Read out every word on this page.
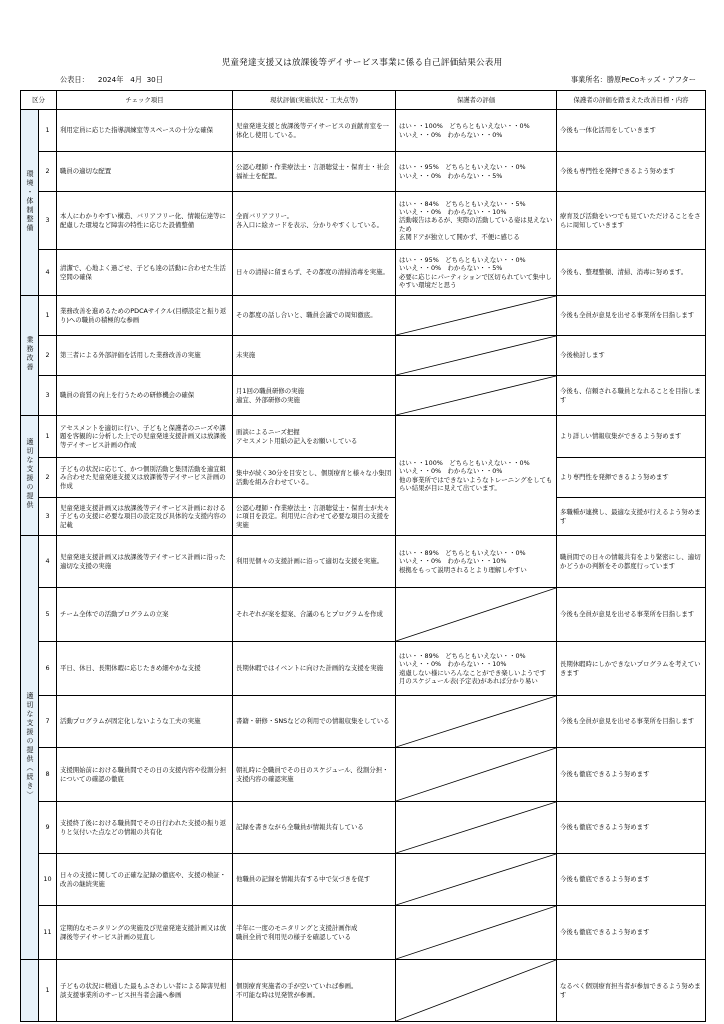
児童発達支援又は放課後等デイサービス事業に係る自己評価結果公表用
公表日： 2024年 4月 30日	事業所名：勝原PeCoキッズ・アフター
区分		チェック項目	現状評価(実施状況・工夫点等)	保護者の評価	保護者の評価を踏まえた改善目標・内容
環境・体制整備	1	利用定員に応じた指導訓練室等スペースの十分な確保	児童発達支援と放課後等デイサービスの貢献育室を一体化し使用している。	はい・・100%　どちらともいえない・・0%
いいえ・・0%　わからない・・0%	今後も一体化活用をしていきます
	2	職員の適切な配置	公認心理師・作業療法士・言語聴覚士・保育士・社会福祉士を配置。	はい・・95%　どちらともいえない・・0%
いいえ・・0%　わからない・・5%	今後も専門性を発揮できるよう努めます
	3	本人にわかりやすい構造、バリアフリー化、情報伝達等に配慮した環境など障害の特性に応じた設備整備	全面バリアフリー。
各入口に絵カードを表示、分かりやすくしている。	はい・・84%　どちらともいえない・・5%
いいえ・・0%　わからない・・10%
活動報告はあるが、実際の活動している姿は見えないため
玄関ドアが独立して開かず、不便に感じる	療育及び活動をいつでも見ていただけることをさらに周知していきます
	4	清潔で、心地よく過ごせ、子ども達の活動に合わせた生活空間の確保	日々の清掃に留まらず、その都度の清掃消毒を実施。	はい・・95%　どちらともいえない・・0%
いいえ・・0%　わからない・・5%
必要に応じにパーティションで区切られていて集中しやすい環境だと思う	今後も、整理整頓、清掃、消毒に努めます。
業務改善	1	業務改善を進めるためのPDCAサイクル(目標設定と振り返り)への職員の積極的な参画	その都度の話し合いと、職員会議での周知徹底。		今後も全員が意見を出せる事業所を目指します
	2	第三者による外部評価を活用した業務改善の実施	未実施		今後検討します
	3	職員の資質の向上を行うための研修機会の確保	月1回の職員研修の実施
適宜、外部研修の実施		今後も、信頼される職員となれることを目指します
適切な支援の提供	1	アセスメントを適切に行い、子どもと保護者のニーズや課題を客観的に分析した上での児童発達支援計画又は放課後等デイサービス計画の作成	面談によるニーズ把握
アセスメント用紙の記入をお願いしている	はい・・100%　どちらともいえない・・0%
いいえ・・0%　わからない・・0%
他の事業所ではできないようなトレーニングをしてもらい結果が目に見えて出ています。	より詳しい情報収集ができるよう努めます
	2	子どもの状況に応じて、かつ個別活動と集団活動を適宜組み合わせた児童発達支援又は放課後等デイサービス計画の作成	集中が続く30分を目安とし、個別療育と様々な小集団活動を組み合わせている。		より専門性を発揮できるよう努めます
	3	児童発達支援計画又は放課後等デイサービス計画における子どもの支援に必要な項目の設定及び具体的な支援内容の記載	公認心理師・作業療法士・言語聴覚士・保育士が夫々に項目を設定。利用児に合わせて必要な項目の支援を実施		多職種が連携し、最適な支援が行えるよう努めます
適切な支援の提供（続き）	4	児童発達支援計画又は放課後等デイサービス計画に沿った適切な支援の実施	利用児個々の支援計画に沿って適切な支援を実施。	はい・・89%　どちらともいえない・・0%
いいえ・・0%　わからない・・10%
根拠をもって説明されるとより理解しやすい	職員間での日々の情報共有をより緊密にし、適切かどうかの判断をその都度行っています
	5	チーム全体での活動プログラムの立案	それぞれが案を提案、合議のもとプログラムを作成		今後も全員が意見を出せる事業所を目指します
	6	平日、休日、長期休暇に応じたきめ細やかな支援	長期休暇ではイベントに向けた計画的な支援を実施	はい・・89%　どちらともいえない・・0%
いいえ・・0%　わからない・・10%
遠慮しない様にいろんなことができ楽しいようです
月のスケジュール表(予定表)があれば分かり易い	長期休暇時にしかできないプログラムを考えていきます
	7	活動プログラムが固定化しないような工夫の実施	書籍・研修・SNSなどの利用での情報収集をしている		今後も全員が意見を出せる事業所を目指します
	8	支援開始前における職員間でその日の支援内容や役割分担についての確認の徹底	朝礼時に全職員でその日のスケジュール、役割分担・支援内容の確認実施		今後も徹底できるよう努めます
	9	支援終了後における職員間でその日行われた支援の振り返りと気付いた点などの情報の共有化	記録を書きながら全職員が情報共有している		今後も徹底できるよう努めます
	10	日々の支援に関しての正確な記録の徹底や、支援の検証・改善の継続実施	他職員の記録を情報共有する中で気づきを促す		今後も徹底できるよう努めます
	11	定期的なモニタリングの実施及び児童発達支援計画又は放課後等デイサービス計画の見直し	半年に一度のモニタリングと支援計画作成
職員全員で利用児の様子を確認している		今後も徹底できるよう努めます
	1	子どもの状況に精通した最もふさわしい者による障害児相談支援事業所のサービス担当者会議へ参画	個別療育実施者の手が空いていれば参画。
不可能な時は児発管が参画。		なるべく個別療育担当者が参加できるよう努めます
